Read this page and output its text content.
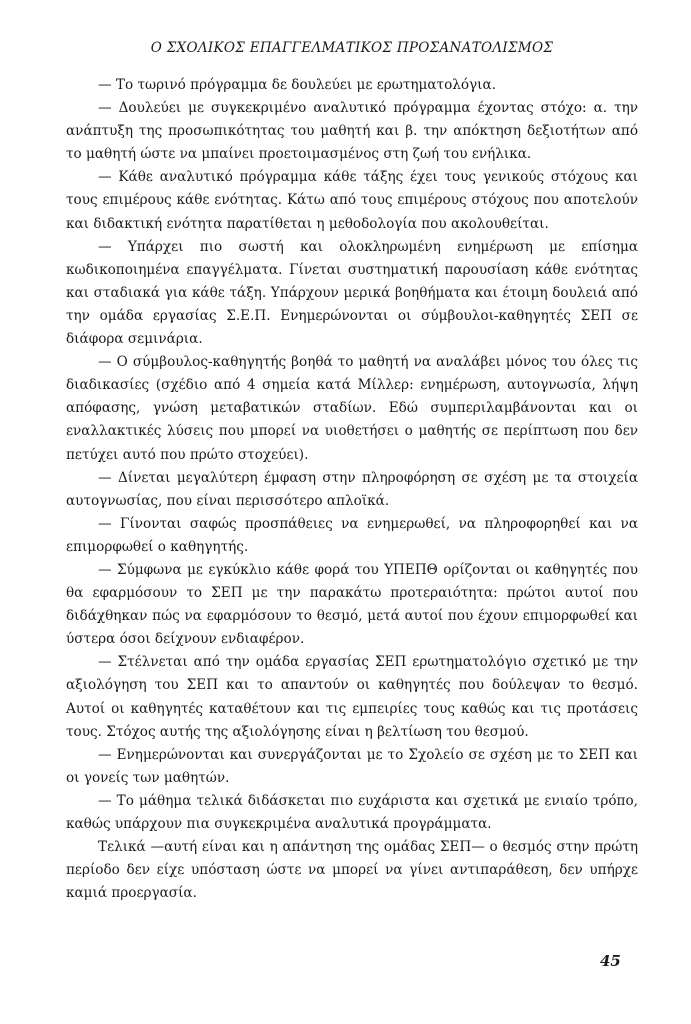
Ο ΣΧΟΛΙΚΟΣ ΕΠΑΓΓΕΛΜΑΤΙΚΟΣ ΠΡΟΣΑΝΑΤΟΛΙΣΜΟΣ

— Το τωρινό πρόγραμμα δε δουλεύει με ερωτηματολόγια.

— Δουλεύει με συγκεκριμένο αναλυτικό πρόγραμμα έχοντας στόχο: α. την ανάπτυξη της προσωπικότητας του μαθητή και β. την απόκτηση δεξιοτήτων από το μαθητή ώστε να μπαίνει προετοιμασμένος στη ζωή του ενήλικα.

— Κάθε αναλυτικό πρόγραμμα κάθε τάξης έχει τους γενικούς στόχους και τους επιμέρους κάθε ενότητας. Κάτω από τους επιμέρους στόχους που αποτελούν και διδακτική ενότητα παρατίθεται η μεθοδολογία που ακολουθείται.

— Υπάρχει πιο σωστή και ολοκληρωμένη ενημέρωση με επίσημα κωδικοποιημένα επαγγέλματα. Γίνεται συστηματική παρουσίαση κάθε ενότητας και σταδιακά για κάθε τάξη. Υπάρχουν μερικά βοηθήματα και έτοιμη δουλειά από την ομάδα εργασίας Σ.Ε.Π. Ενημερώνονται οι σύμβουλοι-καθηγητές ΣΕΠ σε διάφορα σεμινάρια.

— Ο σύμβουλος-καθηγητής βοηθά το μαθητή να αναλάβει μόνος του όλες τις διαδικασίες (σχέδιο από 4 σημεία κατά Μίλλερ: ενημέρωση, αυτογνωσία, λήψη απόφασης, γνώση μεταβατικών σταδίων. Εδώ συμπεριλαμβάνονται και οι εναλλακτικές λύσεις που μπορεί να υιοθετήσει ο μαθητής σε περίπτωση που δεν πετύχει αυτό που πρώτο στοχεύει).

— Δίνεται μεγαλύτερη έμφαση στην πληροφόρηση σε σχέση με τα στοιχεία αυτογνωσίας, που είναι περισσότερο απλοϊκά.

— Γίνονται σαφώς προσπάθειες να ενημερωθεί, να πληροφορηθεί και να επιμορφωθεί ο καθηγητής.

— Σύμφωνα με εγκύκλιο κάθε φορά του ΥΠΕΠΘ ορίζονται οι καθηγητές που θα εφαρμόσουν το ΣΕΠ με την παρακάτω προτεραιότητα: πρώτοι αυτοί που διδάχθηκαν πώς να εφαρμόσουν το θεσμό, μετά αυτοί που έχουν επιμορφωθεί και ύστερα όσοι δείχνουν ενδιαφέρον.

— Στέλνεται από την ομάδα εργασίας ΣΕΠ ερωτηματολόγιο σχετικό με την αξιολόγηση του ΣΕΠ και το απαντούν οι καθηγητές που δούλεψαν το θεσμό. Αυτοί οι καθηγητές καταθέτουν και τις εμπειρίες τους καθώς και τις προτάσεις τους. Στόχος αυτής της αξιολόγησης είναι η βελτίωση του θεσμού.

— Ενημερώνονται και συνεργάζονται με το Σχολείο σε σχέση με το ΣΕΠ και οι γονείς των μαθητών.

— Το μάθημα τελικά διδάσκεται πιο ευχάριστα και σχετικά με ενιαίο τρόπο, καθώς υπάρχουν πια συγκεκριμένα αναλυτικά προγράμματα.

Τελικά —αυτή είναι και η απάντηση της ομάδας ΣΕΠ— ο θεσμός στην πρώτη περίοδο δεν είχε υπόσταση ώστε να μπορεί να γίνει αντιπαράθεση, δεν υπήρχε καμιά προεργασία.

45
